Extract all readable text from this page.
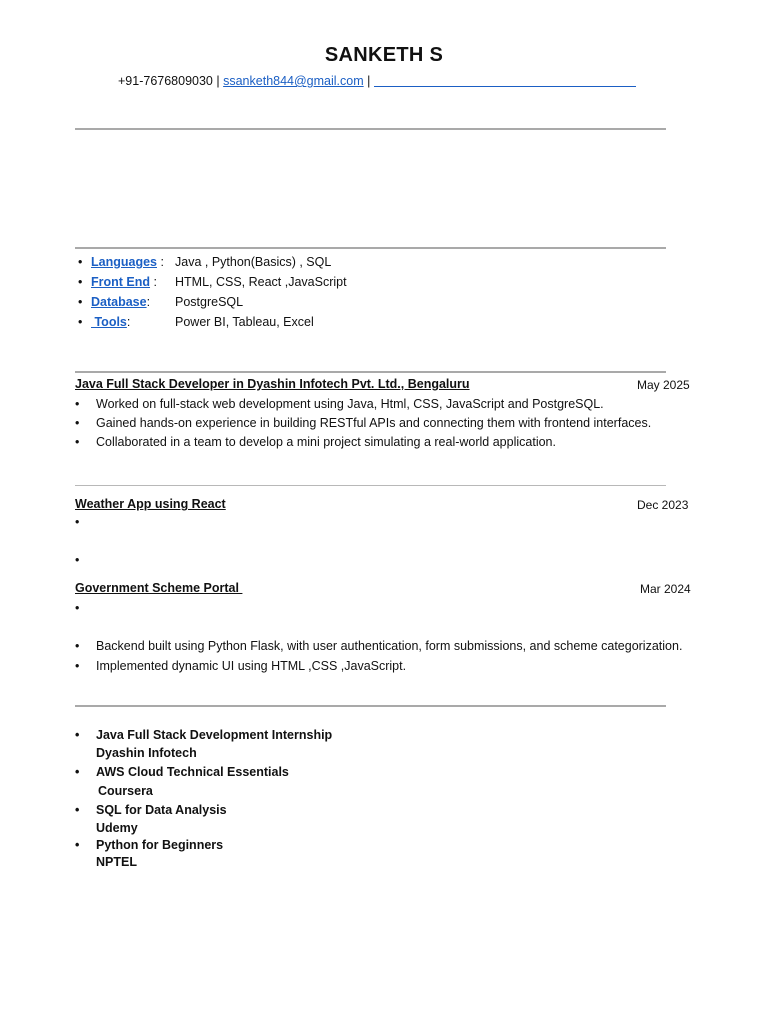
SANKETH S
+91-7676809030 | ssanketh844@gmail.com |
• Languages : Java , Python(Basics) , SQL
• Front End : HTML, CSS, React ,JavaScript
• Database: PostgreSQL
• Tools:	Power BI, Tableau, Excel
Java Full Stack Developer in Dyashin Infotech Pvt. Ltd., Bengaluru	May 2025
• Worked on full-stack web development using Java, Html, CSS, JavaScript and PostgreSQL.
• Gained hands-on experience in building RESTful APIs and connecting them with frontend interfaces.
• Collaborated in a team to develop a mini project simulating a real-world application.
Weather App using React	Dec 2023
•
•
Government Scheme Portal	Mar 2024
•
• Backend built using Python Flask, with user authentication, form submissions, and scheme categorization.
• Implemented dynamic UI using HTML ,CSS ,JavaScript.
• Java Full Stack Development Internship
Dyashin Infotech
• AWS Cloud Technical Essentials
Coursera
• SQL for Data Analysis
Udemy
• Python for Beginners
NPTEL
